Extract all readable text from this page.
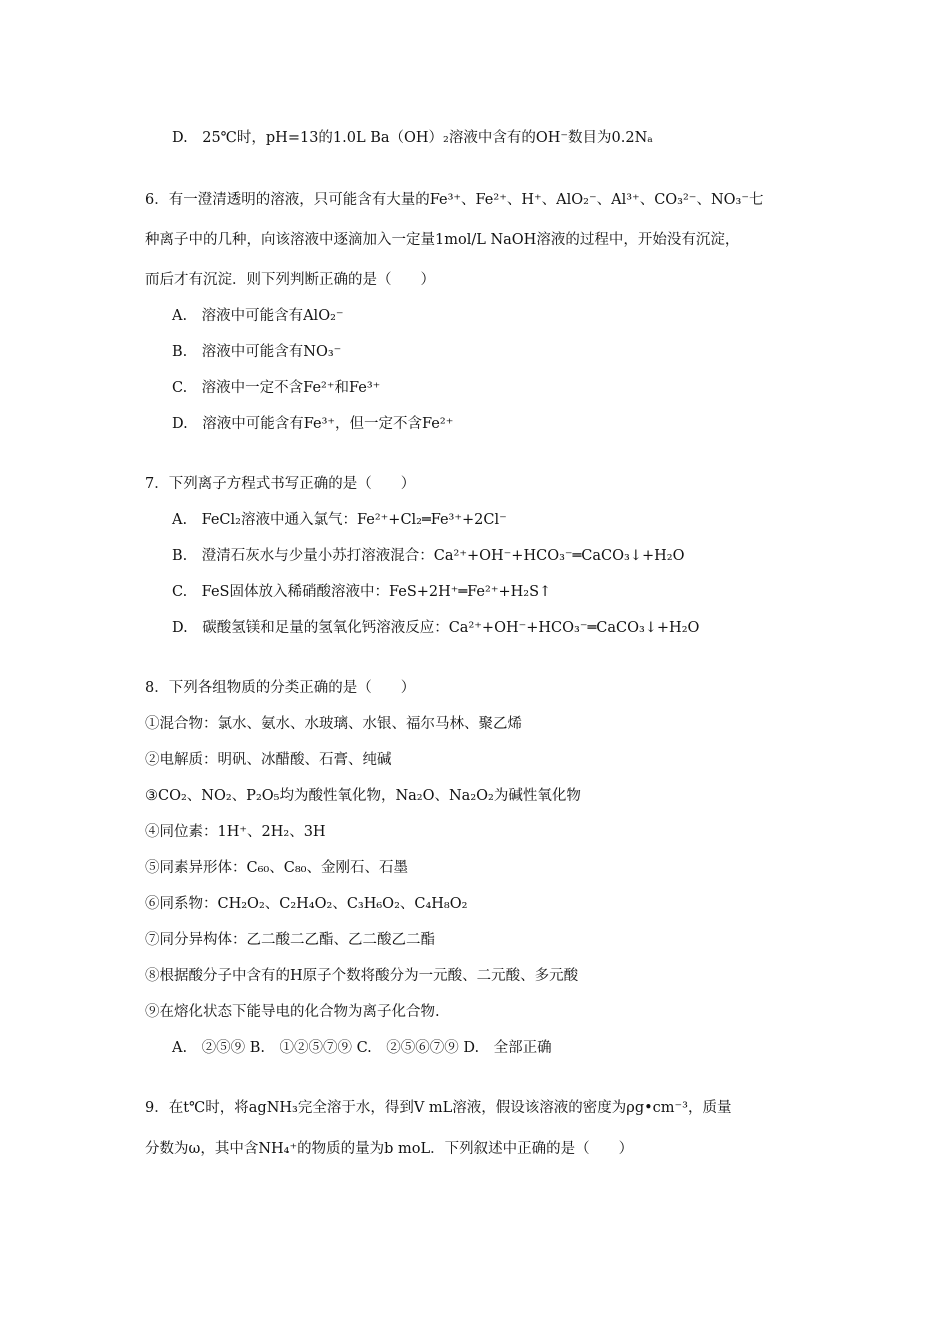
D.　25℃时，pH=13的1.0L Ba（OH）₂溶液中含有的OH⁻数目为0.2Nₐ
6．有一澄清透明的溶液，只可能含有大量的Fe³⁺、Fe²⁺、H⁺、AlO₂⁻、Al³⁺、CO₃²⁻、NO₃⁻七
种离子中的几种，向该溶液中逐滴加入一定量1mol/L NaOH溶液的过程中，开始没有沉淀，
而后才有沉淀．则下列判断正确的是（　　）
A.　溶液中可能含有AlO₂⁻
B.　溶液中可能含有NO₃⁻
C.　溶液中一定不含Fe²⁺和Fe³⁺
D.　溶液中可能含有Fe³⁺，但一定不含Fe²⁺
7．下列离子方程式书写正确的是（　　）
A.　FeCl₂溶液中通入氯气：Fe²⁺+Cl₂═Fe³⁺+2Cl⁻
B.　澄清石灰水与少量小苏打溶液混合：Ca²⁺+OH⁻+HCO₃⁻═CaCO₃↓+H₂O
C.　FeS固体放入稀硝酸溶液中：FeS+2H⁺═Fe²⁺+H₂S↑
D.　碳酸氢镁和足量的氢氧化钙溶液反应：Ca²⁺+OH⁻+HCO₃⁻═CaCO₃↓+H₂O
8．下列各组物质的分类正确的是（　　）
①混合物：氯水、氨水、水玻璃、水银、福尔马林、聚乙烯
②电解质：明矾、冰醋酸、石膏、纯碱
③CO₂、NO₂、P₂O₅均为酸性氧化物，Na₂O、Na₂O₂为碱性氧化物
④同位素：1H⁺、2H₂、3H
⑤同素异形体：C₆₀、C₈₀、金刚石、石墨
⑥同系物：CH₂O₂、C₂H₄O₂、C₃H₆O₂、C₄H₈O₂
⑦同分异构体：乙二酸二乙酯、乙二酸乙二酯
⑧根据酸分子中含有的H原子个数将酸分为一元酸、二元酸、多元酸
⑨在熔化状态下能导电的化合物为离子化合物.
A.　②⑤⑨ B.　①②⑤⑦⑨ C.　②⑤⑥⑦⑨ D.　全部正确
9．在t℃时，将agNH₃完全溶于水，得到V mL溶液，假设该溶液的密度为ρg•cm⁻³，质量
分数为ω，其中含NH₄⁺的物质的量为b moL．下列叙述中正确的是（　　）
